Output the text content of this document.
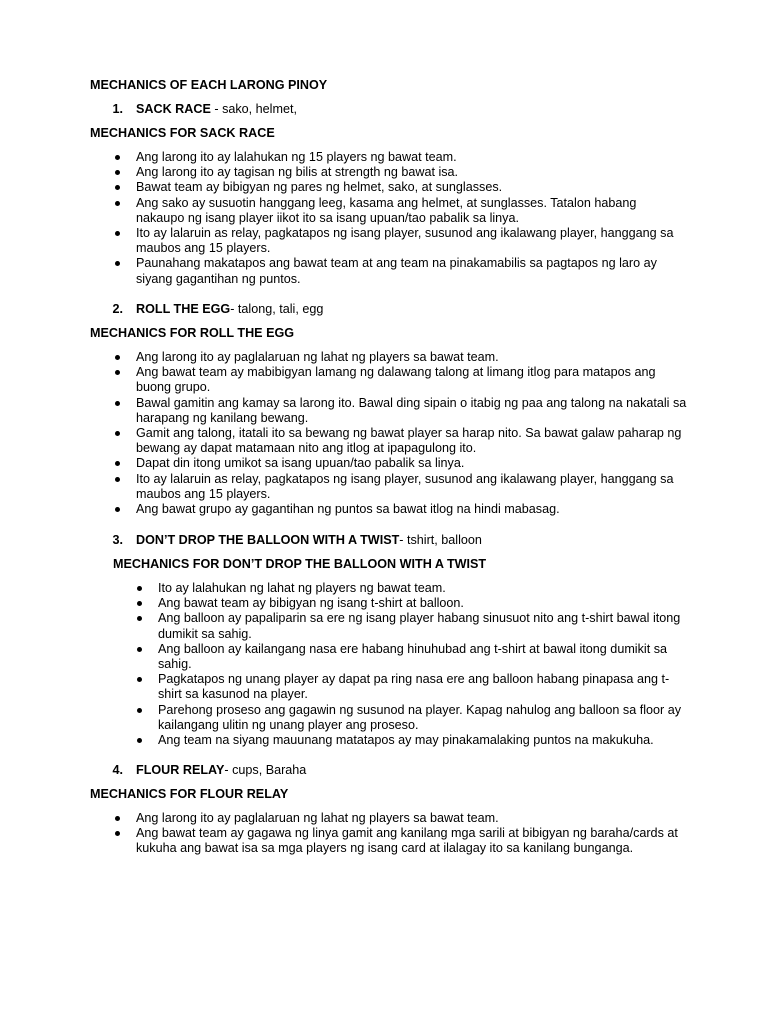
MECHANICS OF EACH LARONG PINOY
1. SACK RACE - sako, helmet,
MECHANICS FOR SACK RACE
Ang larong ito ay lalahukan ng 15 players ng bawat team.
Ang larong ito ay tagisan ng bilis at strength ng bawat isa.
Bawat team ay bibigyan ng pares ng helmet, sako, at sunglasses.
Ang sako ay susuotin hanggang leeg, kasama ang helmet, at sunglasses. Tatalon habang nakaupo ng isang player iikot ito sa isang upuan/tao pabalik sa linya.
Ito ay lalaruin as relay, pagkatapos ng isang player, susunod ang ikalawang player, hanggang sa maubos ang 15 players.
Paunahang makatapos ang bawat team at ang team na pinakamabilis sa pagtapos ng laro ay siyang gagantihan ng puntos.
2. ROLL THE EGG- talong, tali, egg
MECHANICS FOR ROLL THE EGG
Ang larong ito ay paglalaruan ng lahat ng players sa bawat team.
Ang bawat team ay mabibigyan lamang ng dalawang talong at limang itlog para matapos ang buong grupo.
Bawal gamitin ang kamay sa larong ito. Bawal ding sipain o itabig ng paa ang talong na nakatali sa harapang ng kanilang bewang.
Gamit ang talong, itatali ito sa bewang ng bawat player sa harap nito. Sa bawat galaw paharap ng bewang ay dapat matamaan nito ang itlog at ipapagulong ito.
Dapat din itong umikot sa isang upuan/tao pabalik sa linya.
Ito ay lalaruin as relay, pagkatapos ng isang player, susunod ang ikalawang player, hanggang sa maubos ang 15 players.
Ang bawat grupo ay gagantihan ng puntos sa bawat itlog na hindi mabasag.
3. DON’T DROP THE BALLOON WITH A TWIST- tshirt, balloon
MECHANICS FOR DON’T DROP THE BALLOON WITH A TWIST
Ito ay lalahukan ng lahat ng players ng bawat team.
Ang bawat team ay bibigyan ng isang t-shirt at balloon.
Ang balloon ay papaliparin sa ere ng isang player habang sinusuot nito ang t-shirt bawal itong dumikit sa sahig.
Ang balloon ay kailangang nasa ere habang hinuhubad ang t-shirt at bawal itong dumikit sa sahig.
Pagkatapos ng unang player ay dapat pa ring nasa ere ang balloon habang pinapasa ang t-shirt sa kasunod na player.
Parehong proseso ang gagawin ng susunod na player. Kapag nahulog ang balloon sa floor ay kailangang ulitin ng unang player ang proseso.
Ang team na siyang mauunang matatapos ay may pinakamalaking puntos na makukuha.
4. FLOUR RELAY- cups, Baraha
MECHANICS FOR FLOUR RELAY
Ang larong ito ay paglalaruan ng lahat ng players sa bawat team.
Ang bawat team ay gagawa ng linya gamit ang kanilang mga sarili at bibigyan ng baraha/cards at kukuha ang bawat isa sa mga players ng isang card at ilalagay ito sa kanilang bunganga.
